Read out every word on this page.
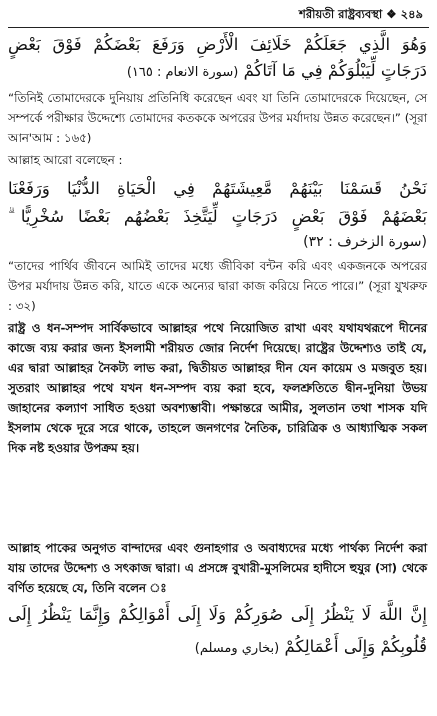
শরীয়তী রাষ্ট্রব্যবস্থা ❖ ২৪৯
وَهُوَ الَّذِي جَعَلَكُمْ خَلَائِفَ الْأَرْضِ وَرَفَعَ بَعْضَكُمْ فَوْقَ بَعْضٍ
دَرَجَاتٍ لِّيَبْلُوَكُمْ فِي مَا آتَاكُمْ (سورة الانعام : ١٦٥)
“তিনিই তোমাদেরকে দুনিয়ায় প্রতিনিধি করেছেন এবং যা তিনি তোমাদেরকে দিয়েছেন, সে সম্পর্কে পরীক্ষার উদ্দেশ্যে তোমাদের কতককে অপরের উপর মর্যাদায় উন্নত করেছেন।” (সূরা আন'আম : ১৬৫)
আল্লাহ আরো বলেছেন :
نَحْنُ قَسَمْنَا بَيْنَهُمْ مَّعِيشَتَهُمْ فِي الْحَيَاةِ الدُّنْيَا وَرَفَعْنَا
بَعْضَهُمْ فَوْقَ بَعْضٍ دَرَجَاتٍ لِّيَتَّخِذَ بَعْضُهُم بَعْضًا سُخْرِيًّا ۗ
(سورة الزخرف : ٣٢)
“তাদের পার্থিব জীবনে আমিই তাদের মধ্যে জীবিকা বন্টন করি এবং একজনকে অপরের উপর মর্যাদায় উন্নত করি, যাতে একে অন্যের দ্বারা কাজ করিয়ে নিতে পারে।” (সূরা যুখরুফ : ৩২)
রাষ্ট্র ও ধন-সম্পদ সার্বিকভাবে আল্লাহর পথে নিয়োজিত রাখা এবং যথাযথরূপে দীনের কাজে ব্যয় করার জন্য ইসলামী শরীয়ত জোর নির্দেশ দিয়েছে। রাষ্ট্রের উদ্দেশ্যও তাই যে, এর দ্বারা আল্লাহর নৈকট্য লাভ করা, দ্বিতীয়ত আল্লাহর দীন যেন কায়েম ও মজবুত হয়। সুতরাং আল্লাহর পথে যখন ধন-সম্পদ ব্যয় করা হবে, ফলশ্রুতিতে দ্বীন-দুনিয়া উভয় জাহানের কল্যাণ সাধিত হওয়া অবশ্যম্ভাবী। পক্ষান্তরে আমীর, সুলতান তথা শাসক যদি ইসলাম থেকে দূরে সরে থাকে, তাহলে জনগণের নৈতিক, চারিত্রিক ও আধ্যাত্মিক সকল দিক নষ্ট হওয়ার উপক্রম হয়।
আল্লাহ পাকের অনুগত বান্দাদের এবং গুনাহগার ও অবাধ্যদের মধ্যে পার্থক্য নির্দেশ করা যায় তাদের উদ্দেশ্য ও সৎকাজ দ্বারা। এ প্রসঙ্গে বুখারী-মুসলিমের হাদীসে হুযুর (সা) থেকে বর্ণিত হয়েছে যে, তিনি বলেন ঃ
إِنَّ اللَّهَ لَا يَنْظُرُ إِلَى صُوَرِكُمْ وَلَا إِلَى أَمْوَالِكُمْ وَإِنَّمَا يَنْظُرُ إِلَى
قُلُوبِكُمْ وَإِلَى أَعْمَالِكُمْ (بخاري ومسلم)
